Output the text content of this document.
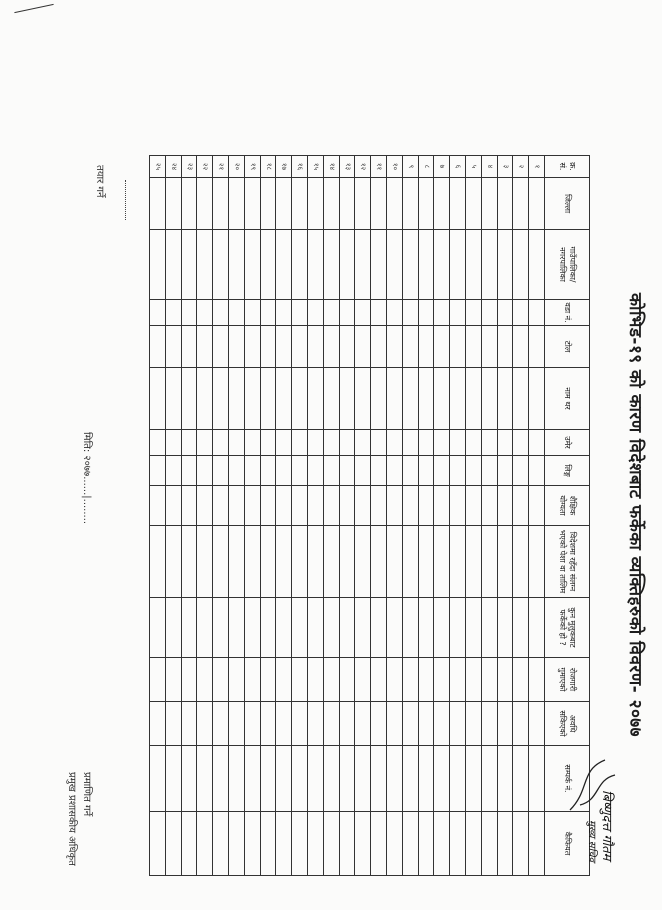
कोभिड-१९ को कारण विदेशबाट फर्केका व्यक्तिहरुको विवरण- २०७७
क्र. सं.	जिल्ला	गाउँपालिका/ नगरपालिका	वडा नं.	टोल	नाम थर	उमेर	लिङ्ग	शैक्षिक योग्यता	विदेशमा रहँदा संलग्न भएको पेशा वा तालिम	कुन मुलुकबाट फर्केको हो ?	रोजगारी गुमाएको	अवधि सकिएको	सम्पर्क नं.	कैफियत
१														
२														
३														
४														
५														
६														
७														
८														
९														
१०														
११														
१२														
१३														
१४														
१५														
१६														
१७														
१८														
१९														
२०														
२१														
२२														
२३														
२४														
२५														
तयार गर्ने
मिति: २०७७......|........
प्रमाणित गर्ने
प्रमुख प्रशासकीय अधिकृत	बिष्णुदत्त गौतम
मुख्य सचिव
